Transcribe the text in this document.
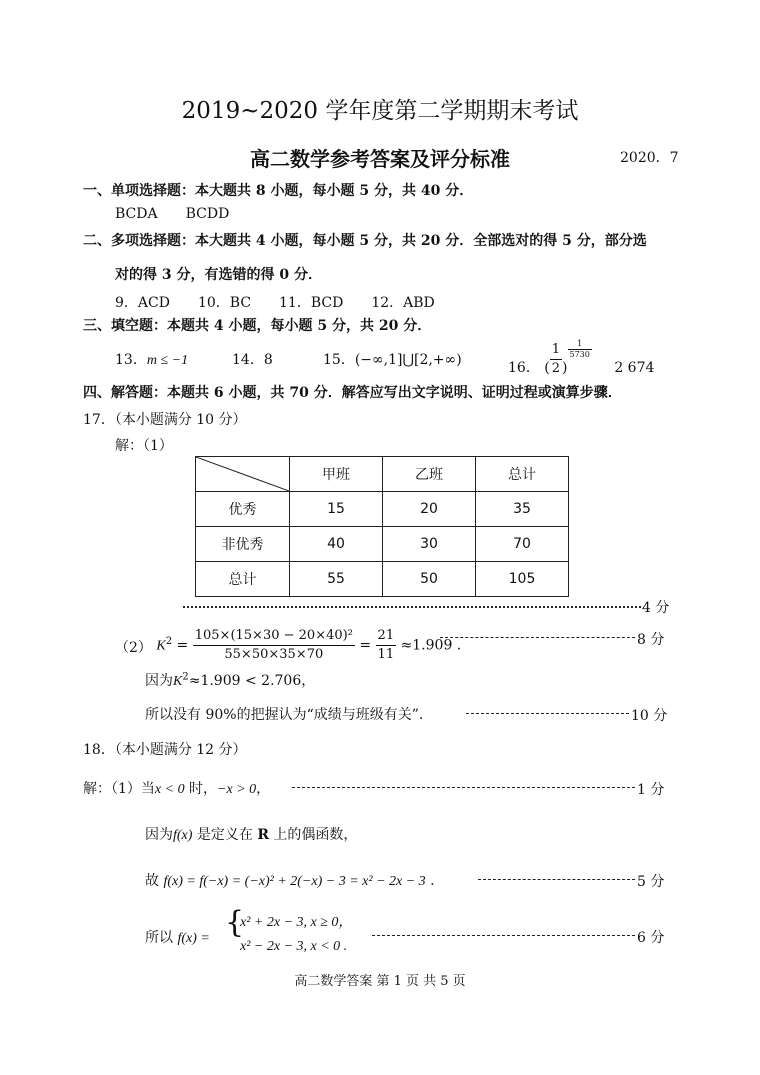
2019~2020 学年度第二学期期末考试
高二数学参考答案及评分标准	2020．7
一、单项选择题：本大题共 8 小题，每小题 5 分，共 40 分．
BCDA　　BCDD
二、多项选择题：本大题共 4 小题，每小题 5 分，共 20 分．全部选对的得 5 分，部分选
对的得 3 分，有选错的得 0 分．
9．ACD　　10．BC　　11．BCD　　12．ABD
三、填空题：本题共 4 小题，每小题 5 分，共 20 分．
13．m ≤ −1	14．8	15．(−∞,1]⋃[2,+∞)	16． ( $\frac{1}{2}$ )
$\frac{1}{5730}$
2 674
四、解答题：本题共 6 小题，共 70 分．解答应写出文字说明、证明过程或演算步骤．
17．（本小题满分 10 分）
解：（1）
	甲班	乙班	总计
优秀	15	20	35
非优秀	40	30	70
总计	55	50	105
4 分
（2） $K^2 = \frac{\text{105×(15×30 − 20×40)²}}{55\times 50\times 35\times 70} = \frac{21}{11} \approx 1.909$ .	8 分
因为$K^2\approx 1.909 < 2.706$，
所以没有 90%的把握认为“成绩与班级有关”.	10 分
18．（本小题满分 12 分）
解：（1）当x < 0 时，−x > 0，	1 分
因为f(x) 是定义在 R 上的偶函数，
故 f(x) = f(−x) = (−x)² + 2(−x) − 3 = x² − 2x − 3 .	5 分
所以 f(x) = {
x² + 2x − 3, x ≥ 0，
x² − 2x − 3, x < 0 .
6 分
高二数学答案 第 1 页 共 5 页
